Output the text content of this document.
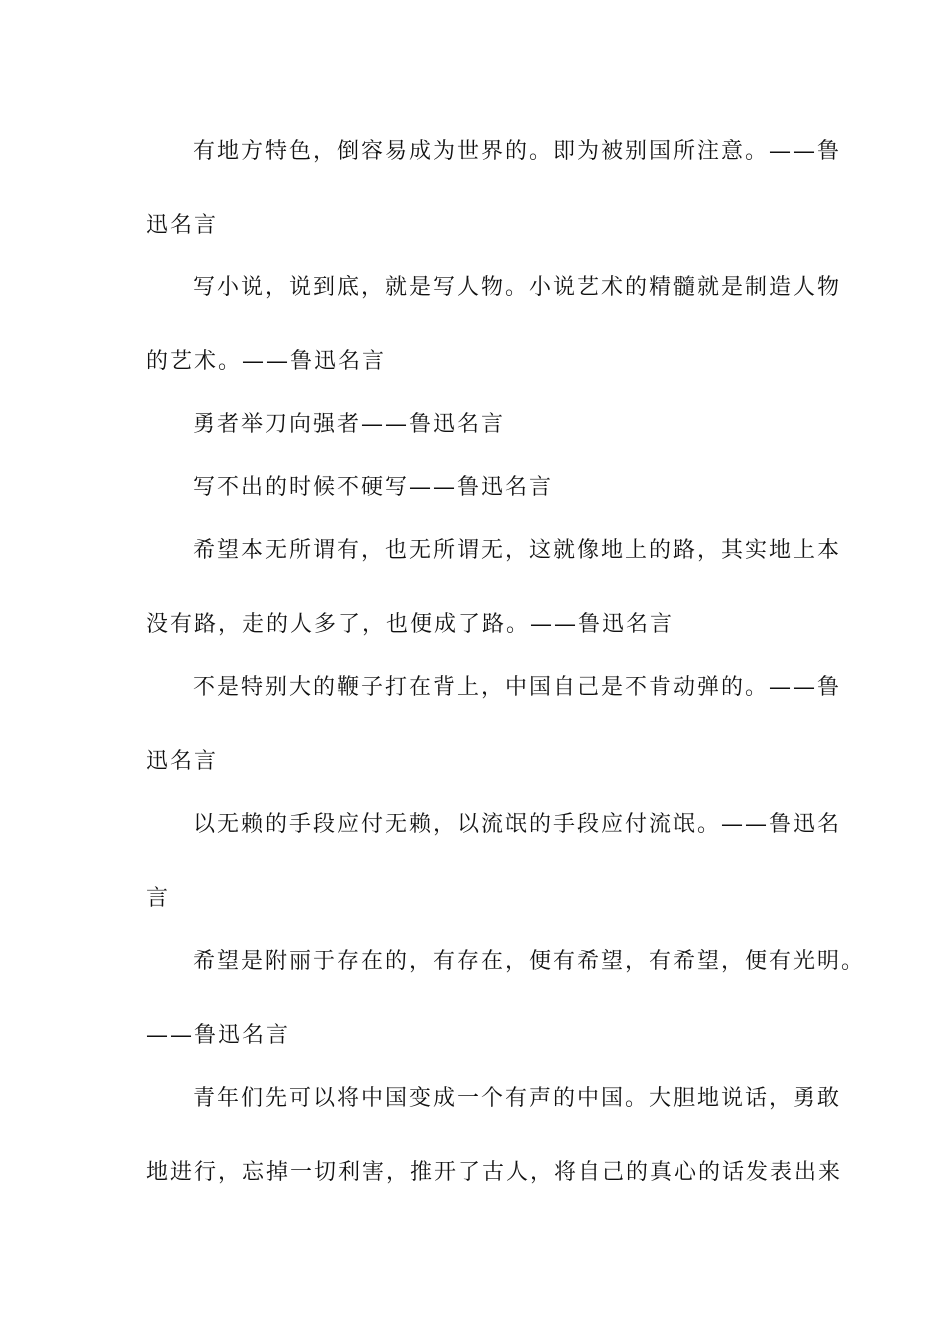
有地方特色，倒容易成为世界的。即为被别国所注意。——鲁
迅名言
写小说，说到底，就是写人物。小说艺术的精髓就是制造人物
的艺术。——鲁迅名言
勇者举刀向强者——鲁迅名言
写不出的时候不硬写——鲁迅名言
希望本无所谓有，也无所谓无，这就像地上的路，其实地上本
没有路，走的人多了，也便成了路。——鲁迅名言
不是特别大的鞭子打在背上，中国自己是不肯动弹的。——鲁
迅名言
以无赖的手段应付无赖，以流氓的手段应付流氓。——鲁迅名
言
希望是附丽于存在的，有存在，便有希望，有希望，便有光明。
——鲁迅名言
青年们先可以将中国变成一个有声的中国。大胆地说话，勇敢
地进行，忘掉一切利害，推开了古人，将自己的真心的话发表出来
